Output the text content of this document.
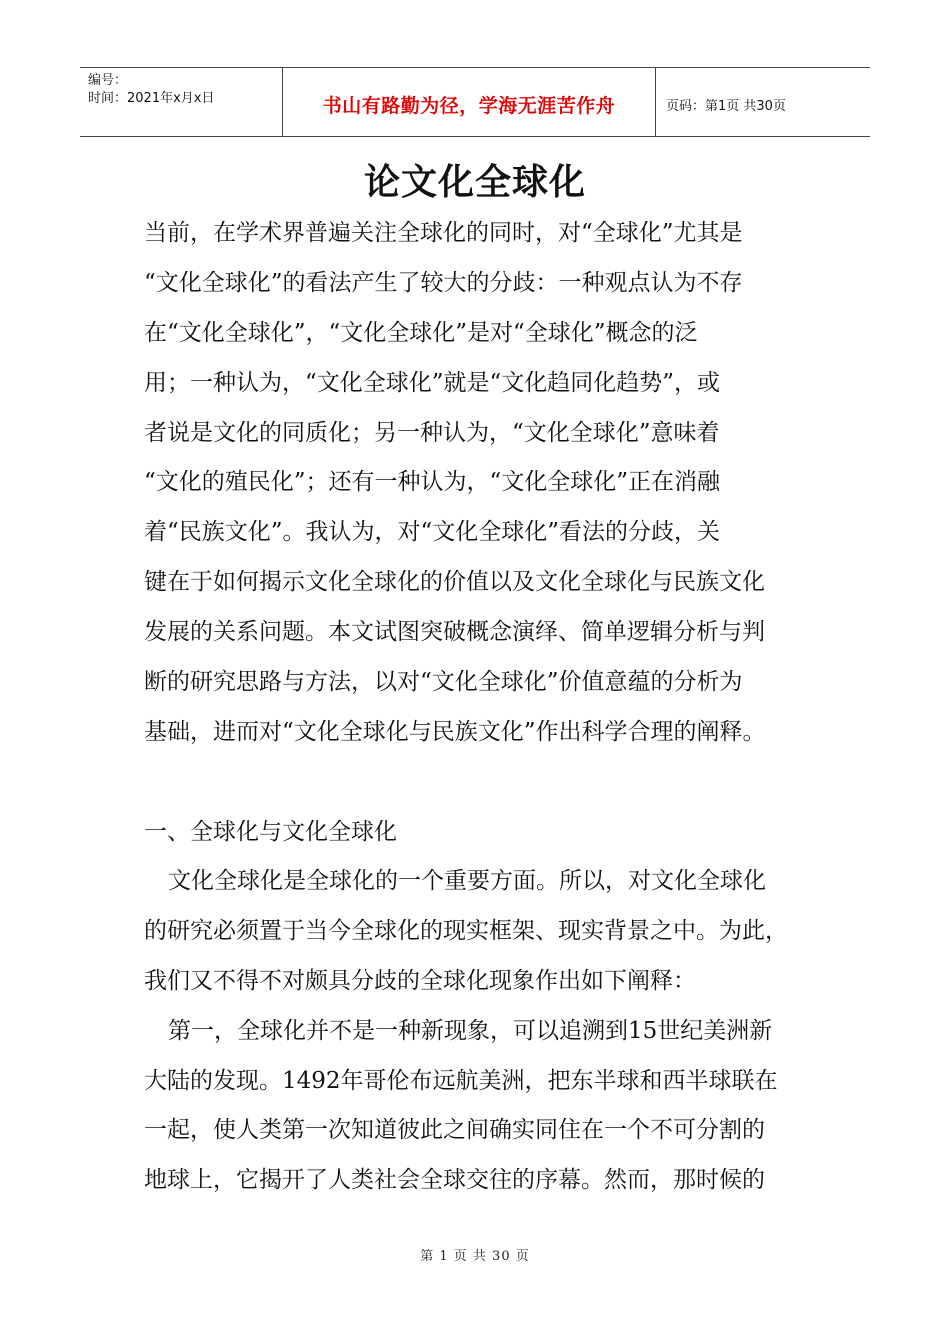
编号：
时间：2021年x月x日	书山有路勤为径，学海无涯苦作舟	页码：第1页 共30页
论文化全球化
当前，在学术界普遍关注全球化的同时，对“全球化”尤其是
“文化全球化”的看法产生了较大的分歧：一种观点认为不存
在“文化全球化”，“文化全球化”是对“全球化”概念的泛
用；一种认为，“文化全球化”就是“文化趋同化趋势”，或
者说是文化的同质化；另一种认为，“文化全球化”意味着
“文化的殖民化”；还有一种认为，“文化全球化”正在消融
着“民族文化”。我认为，对“文化全球化”看法的分歧，关
键在于如何揭示文化全球化的价值以及文化全球化与民族文化
发展的关系问题。本文试图突破概念演绎、简单逻辑分析与判
断的研究思路与方法，以对“文化全球化”价值意蕴的分析为
基础，进而对“文化全球化与民族文化”作出科学合理的阐释。
一、全球化与文化全球化
文化全球化是全球化的一个重要方面。所以，对文化全球化
的研究必须置于当今全球化的现实框架、现实背景之中。为此，
我们又不得不对颇具分歧的全球化现象作出如下阐释：
第一，全球化并不是一种新现象，可以追溯到15世纪美洲新
大陆的发现。1492年哥伦布远航美洲，把东半球和西半球联在
一起，使人类第一次知道彼此之间确实同住在一个不可分割的
地球上，它揭开了人类社会全球交往的序幕。然而，那时候的
第 1 页 共 30 页
